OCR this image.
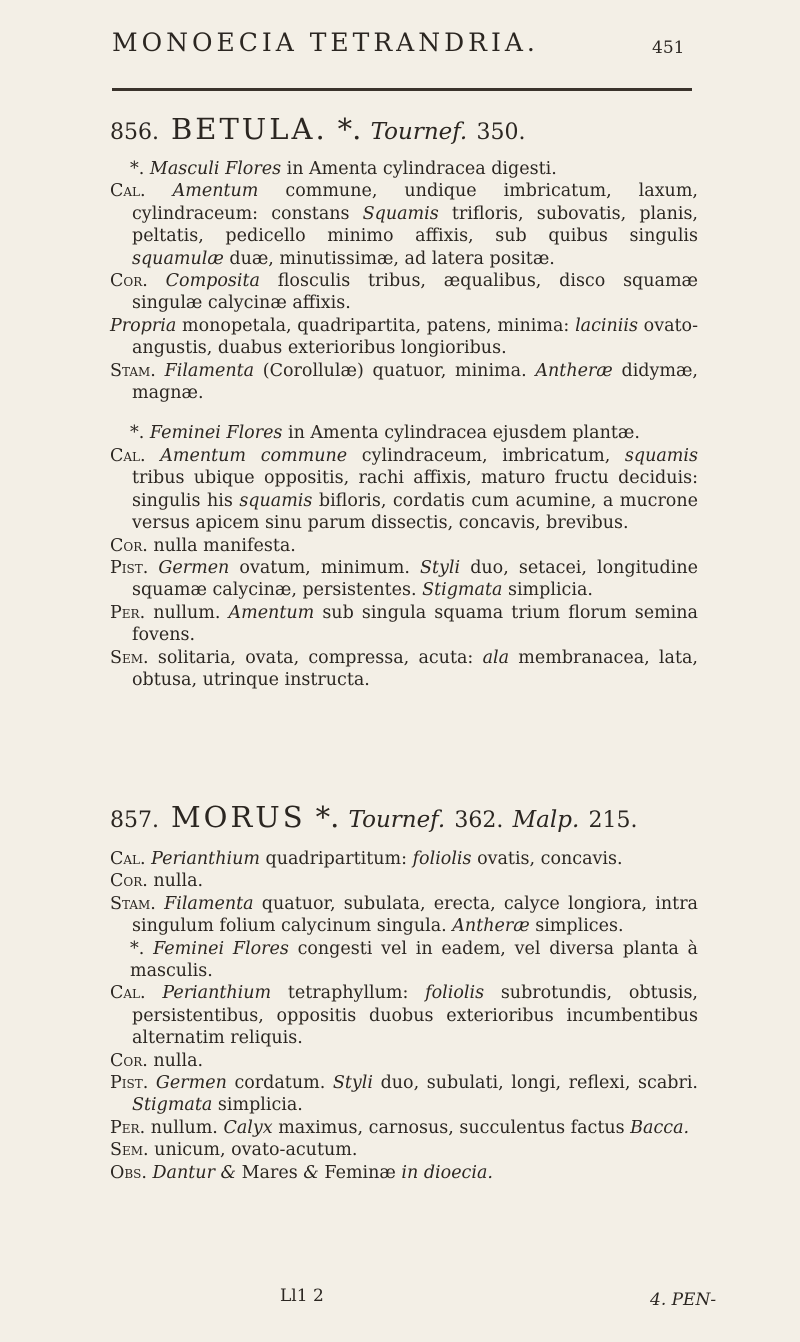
MONOECIA TETRANDRIA.	451
856. BETULA. *. Tournef. 350.

*. Masculi Flores in Amenta cylindracea digesti.

Cal. Amentum commune, undique imbricatum, laxum, cylindraceum: constans Squamis trifloris, subovatis, planis, peltatis, pedicello minimo affixis, sub quibus singulis squamulæ duæ, minutissimæ, ad latera positæ.

Cor. Composita flosculis tribus, æqualibus, disco squamæ singulæ calycinæ affixis.

Propria monopetala, quadripartita, patens, minima: laciniis ovato-angustis, duabus exterioribus longioribus.

Stam. Filamenta (Corollulæ) quatuor, minima. Antheræ didymæ, magnæ.

*. Feminei Flores in Amenta cylindracea ejusdem plantæ.

Cal. Amentum commune cylindraceum, imbricatum, squamis tribus ubique oppositis, rachi affixis, maturo fructu deciduis: singulis his squamis bifloris, cordatis cum acumine, a mucrone versus apicem sinu parum dissectis, concavis, brevibus.

Cor. nulla manifesta.

Pist. Germen ovatum, minimum. Styli duo, setacei, longitudine squamæ calycinæ, persistentes. Stigmata simplicia.

Per. nullum. Amentum sub singula squama trium florum semina fovens.

Sem. solitaria, ovata, compressa, acuta: ala membranacea, lata, obtusa, utrinque instructa.

857. MORUS *. Tournef. 362. Malp. 215.

Cal. Perianthium quadripartitum: foliolis ovatis, concavis.

Cor. nulla.

Stam. Filamenta quatuor, subulata, erecta, calyce longiora, intra singulum folium calycinum singula. Antheræ simplices.

*. Feminei Flores congesti vel in eadem, vel diversa planta à masculis.

Cal. Perianthium tetraphyllum: foliolis subrotundis, obtusis, persistentibus, oppositis duobus exterioribus incumbentibus alternatim reliquis.

Cor. nulla.

Pist. Germen cordatum. Styli duo, subulati, longi, reflexi, scabri. Stigmata simplicia.

Per. nullum. Calyx maximus, carnosus, succulentus factus Bacca.

Sem. unicum, ovato-acutum.

Obs. Dantur & Mares & Feminæ in dioecia.

Ll1 2	4. PEN-
